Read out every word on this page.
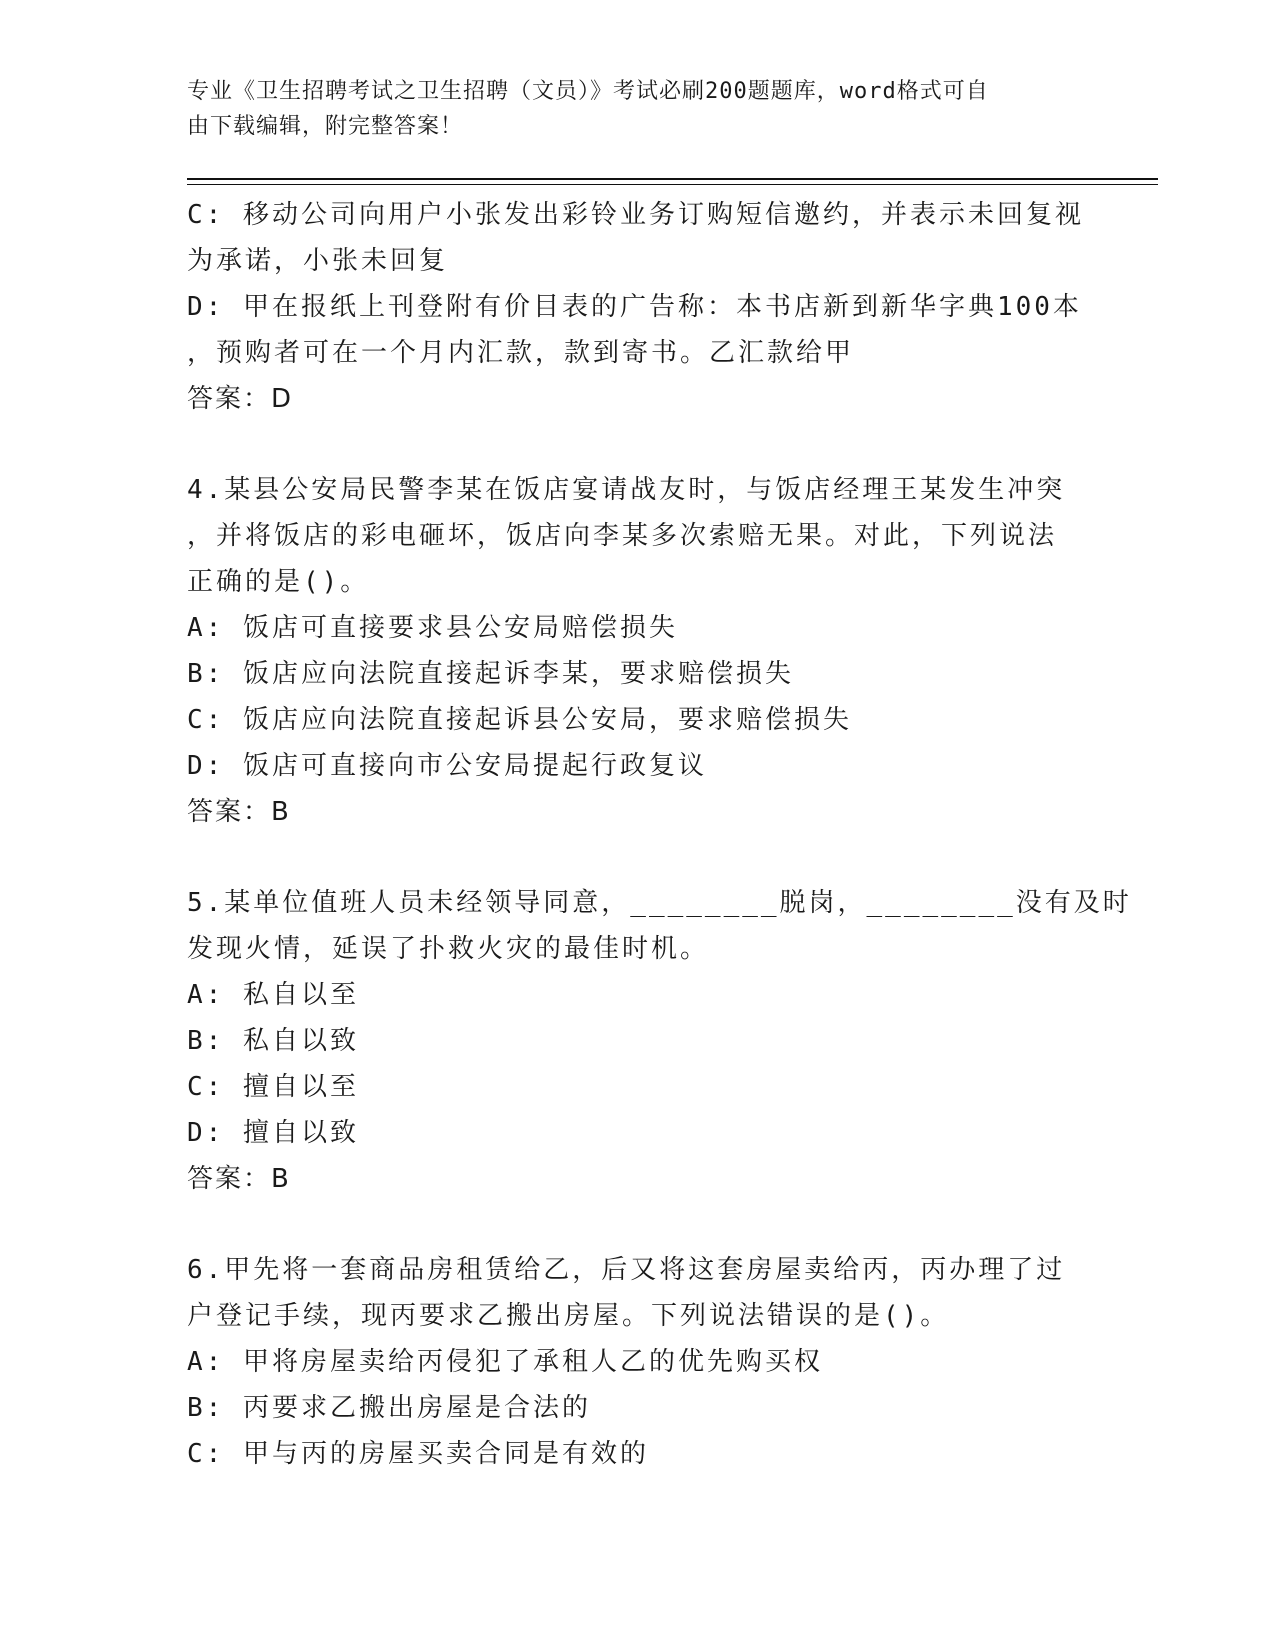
专业《卫生招聘考试之卫生招聘（文员）》考试必刷200题题库，word格式可自
由下载编辑，附完整答案！
C: 移动公司向用户小张发出彩铃业务订购短信邀约，并表示未回复视
为承诺，小张未回复
D: 甲在报纸上刊登附有价目表的广告称：本书店新到新华字典100本
，预购者可在一个月内汇款，款到寄书。乙汇款给甲
答案：D
4.某县公安局民警李某在饭店宴请战友时，与饭店经理王某发生冲突
，并将饭店的彩电砸坏，饭店向李某多次索赔无果。对此，下列说法
正确的是()。
A: 饭店可直接要求县公安局赔偿损失
B: 饭店应向法院直接起诉李某，要求赔偿损失
C: 饭店应向法院直接起诉县公安局，要求赔偿损失
D: 饭店可直接向市公安局提起行政复议
答案：B
5.某单位值班人员未经领导同意，________脱岗，________没有及时
发现火情，延误了扑救火灾的最佳时机。
A: 私自以至
B: 私自以致
C: 擅自以至
D: 擅自以致
答案：B
6.甲先将一套商品房租赁给乙，后又将这套房屋卖给丙，丙办理了过
户登记手续，现丙要求乙搬出房屋。下列说法错误的是()。
A: 甲将房屋卖给丙侵犯了承租人乙的优先购买权
B: 丙要求乙搬出房屋是合法的
C: 甲与丙的房屋买卖合同是有效的
